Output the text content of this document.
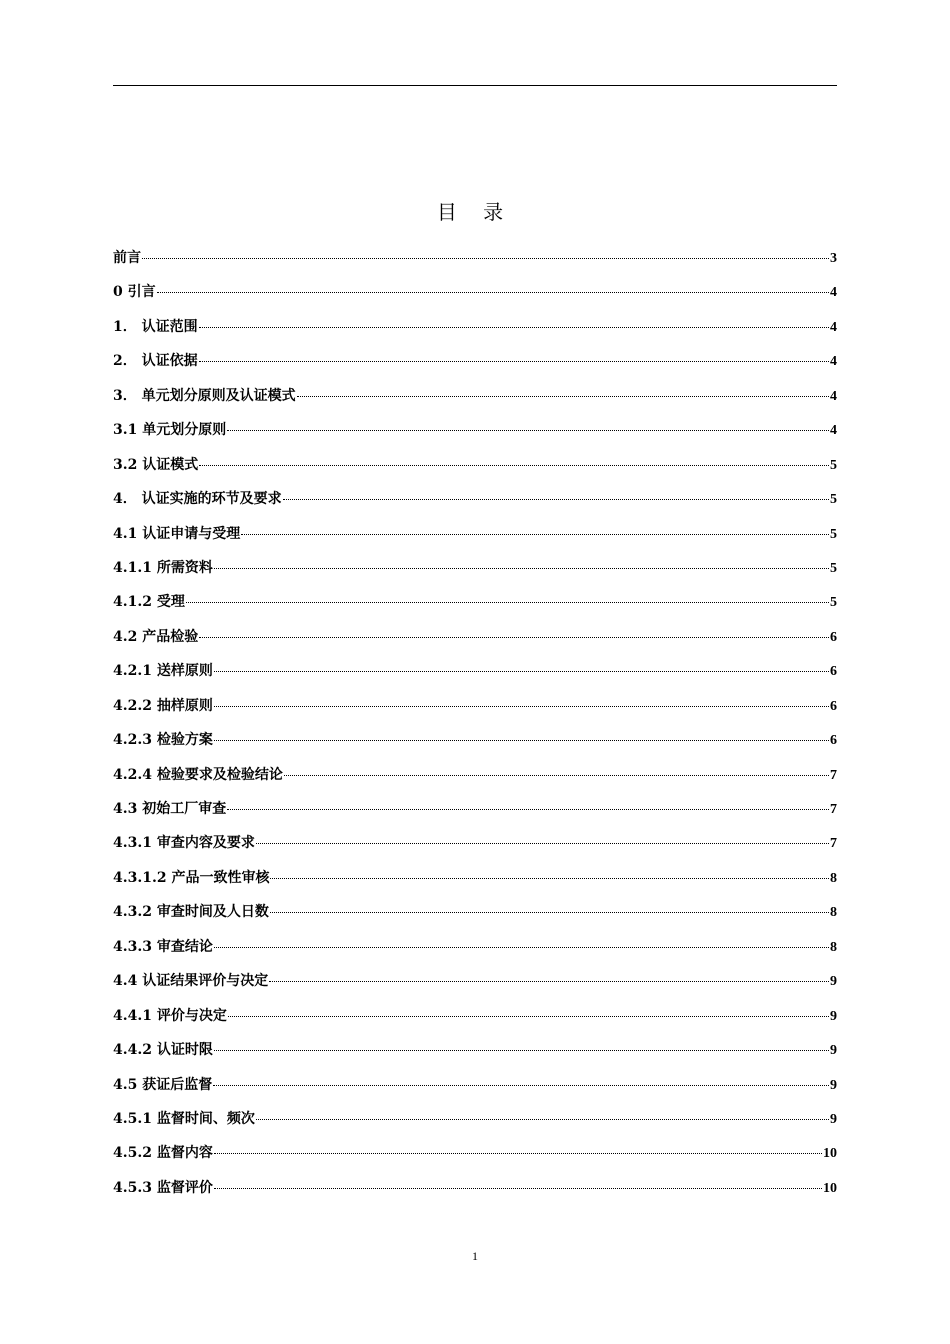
目 录
前言	3
0 引言	4
1． 认证范围	4
2． 认证依据	4
3． 单元划分原则及认证模式	4
3.1 单元划分原则	4
3.2 认证模式	5
4． 认证实施的环节及要求	5
4.1 认证申请与受理	5
4.1.1 所需资料	5
4.1.2 受理	5
4.2 产品检验	6
4.2.1 送样原则	6
4.2.2 抽样原则	6
4.2.3 检验方案	6
4.2.4 检验要求及检验结论	7
4.3 初始工厂审查	7
4.3.1 审查内容及要求	7
4.3.1.2 产品一致性审核	8
4.3.2 审查时间及人日数	8
4.3.3 审查结论	8
4.4 认证结果评价与决定	9
4.4.1 评价与决定	9
4.4.2 认证时限	9
4.5 获证后监督	9
4.5.1 监督时间、频次	9
4.5.2 监督内容	10
4.5.3 监督评价	10
1
